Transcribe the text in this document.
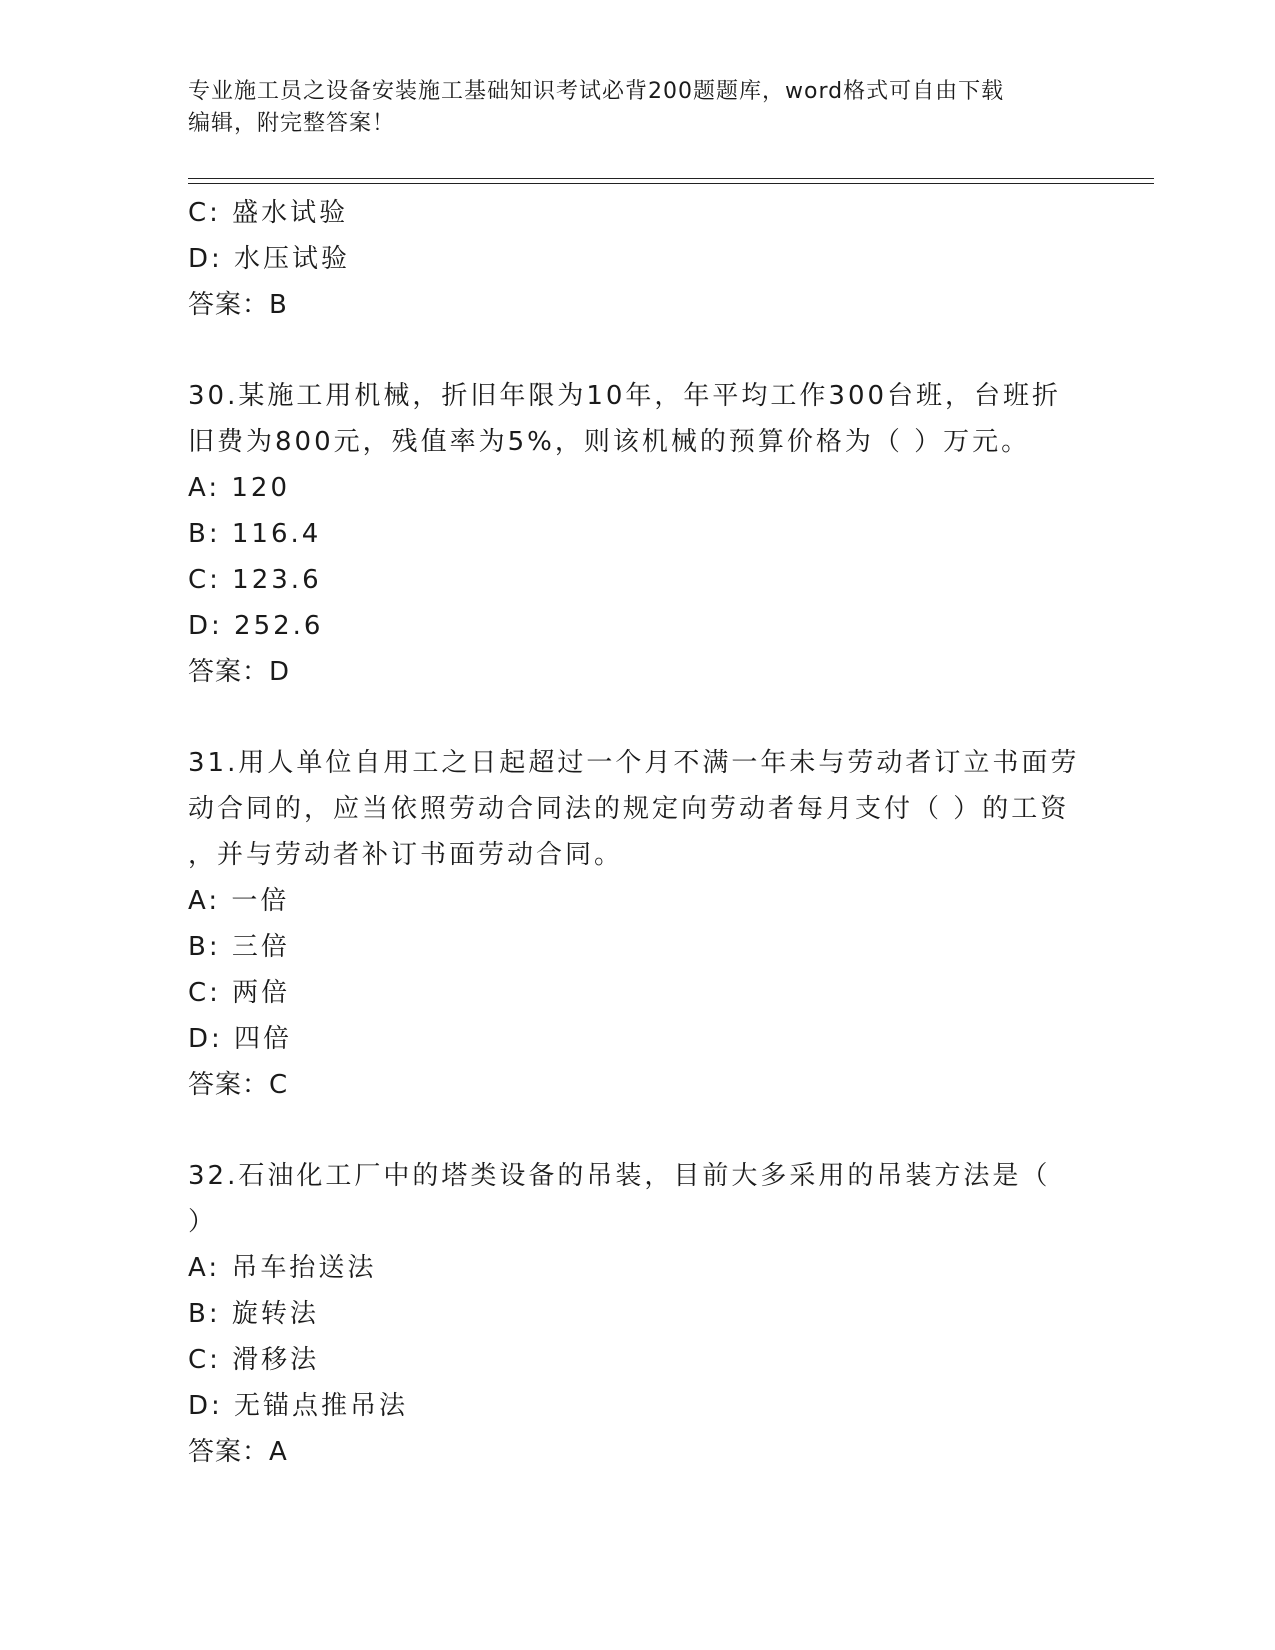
专业施工员之设备安装施工基础知识考试必背200题题库，word格式可自由下载
编辑，附完整答案！
C: 盛水试验
D: 水压试验
答案：B
30.某施工用机械，折旧年限为10年，年平均工作300台班，台班折
旧费为800元，残值率为5%，则该机械的预算价格为（ ）万元。
A: 120
B: 116.4
C: 123.6
D: 252.6
答案：D
31.用人单位自用工之日起超过一个月不满一年未与劳动者订立书面劳
动合同的，应当依照劳动合同法的规定向劳动者每月支付（ ）的工资
，并与劳动者补订书面劳动合同。
A: 一倍
B: 三倍
C: 两倍
D: 四倍
答案：C
32.石油化工厂中的塔类设备的吊装，目前大多采用的吊装方法是（
）
A: 吊车抬送法
B: 旋转法
C: 滑移法
D: 无锚点推吊法
答案：A
